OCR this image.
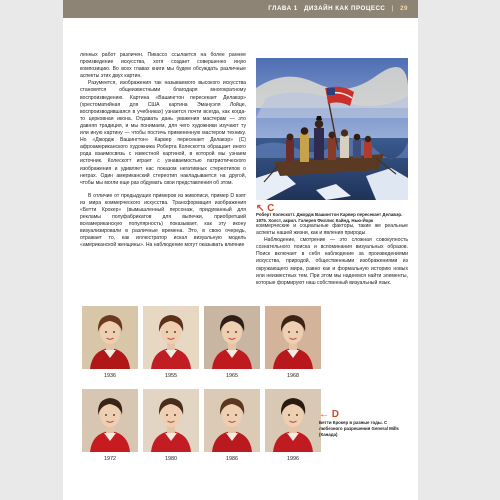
ГЛАВА 1 ДИЗАЙН КАК ПРОЦЕСС | 29

ленных работ различен. Пикассо ссылается на более раннее произведение искусства, хотя создает совершенно иную композицию. Во всех главах книги мы будем обсуждать различные аспекты этих двух картин.

Разумеется, изображения так называемого высокого искусства становятся общеизвестными благодаря многократному воспроизведению. Картина «Вашингтон пересекает Делавэр» (хрестоматийная для США картина Эмануэля Лойце, воспроизводившаяся в учебниках) узнается почти всегда, как когда-то церковная икона. Отдавать дань уважения мастерам — это давняя традиция, и мы понимаем, для чего художники изучают ту или иную картину — чтобы постичь примененную мастером технику. Но «Джордж Вашингтон» Карвер пересекает Делавэр» (С) афроамериканского художника Роберта Колескотта обрaщает иного рода взаимосвязь с известной картиной, в которой мы узнаем источник. Колескотт играет с узнаваемостью патриотического изображения и удивляет нас показом негативных стереотипов о неграх. Один американский стереотип накладывается на другой, чтобы мы могли еще раз обдумать свои представления об этом.

В отличие от предыдущих примеров из живописи, пример D взят из мира коммерческого искусства. Трансформация изображения «Бетти Крокер» (вымышленный персонаж, придуманный для рекламы полуфабрикатов для выпечки, приобретший всеамериканскую популярность) показывает, как эту икону визуализировали в различные времена. Это, в свою очередь, отражает то, как иллюстратор искал визуальную модель «американской женщины». На наблюдение могут оказывать влияние

↖ C
Роберт Колескотт. Джордж Вашингтон Карвер пересекает Делавэр. 1975. Холст, акрил. Галерея Филлис Кайнд, Нью-Йорк

коммерческие и социальные факторы, такие же реальные аспекты нашей жизни, как и явления природы.

Наблюдение, смотрение — это сложная совокупность сознательного поиска и вспоминания визуальных образов. Поиск включает в себя наблюдение за произведениями искусства, природой, общественными изображениями из окружающего мира, равно как и формальную историю новых или неизвестных тем. При этом мы надеемся найти элементы, которые формируют наш собственный визуальный язык.

1936	1955	1965	1968
1972	1980	1986	1996
← D
Бетти Крокер в разные годы. С любезного разрешения General Mills (Канада)
